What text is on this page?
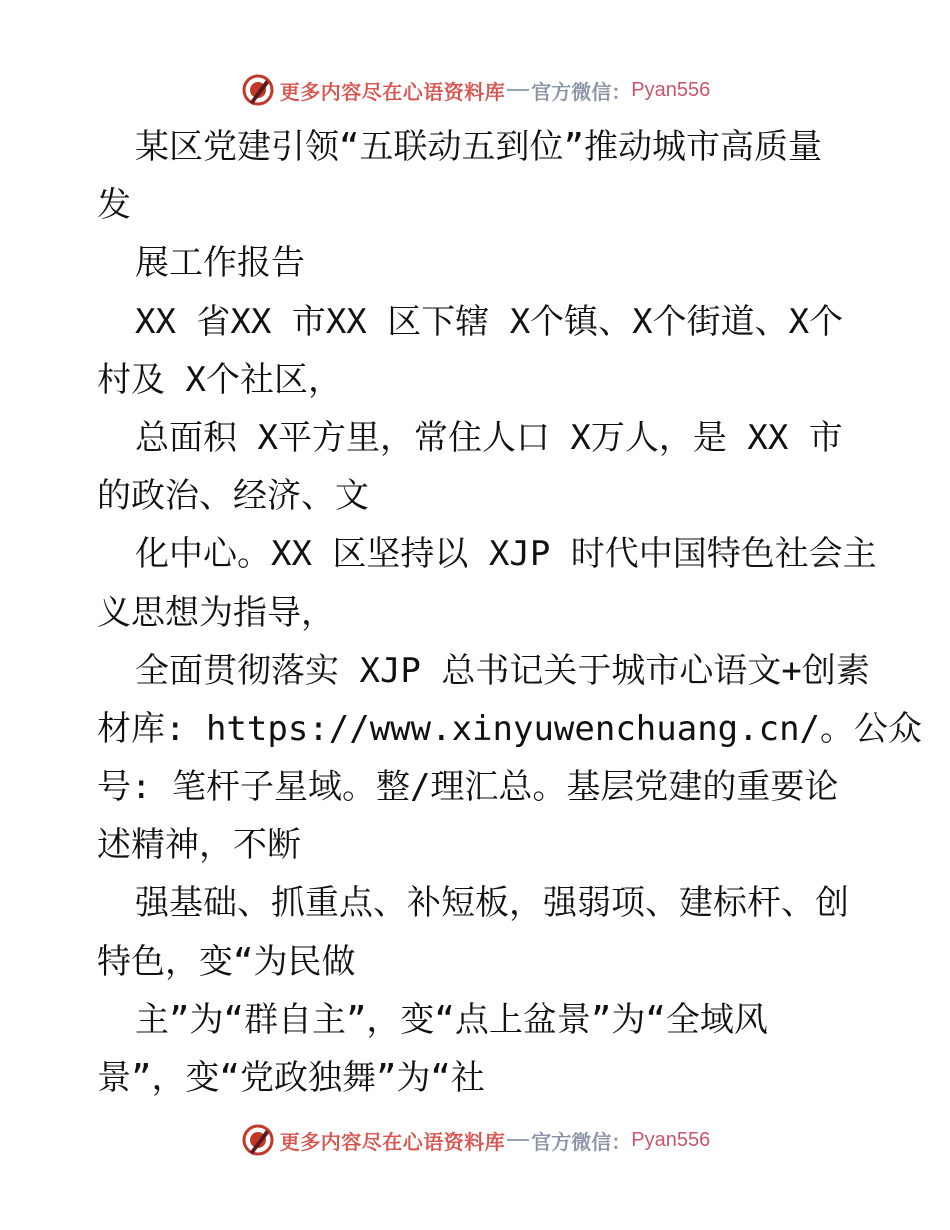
更多内容尽在心语资料库 官方微信： Pyan556
某区党建引领“五联动五到位”推动城市高质量
发
展工作报告
XX 省XX 市XX 区下辖 X个镇、X个街道、X个
村及 X个社区，
总面积 X平方里，常住人口 X万人，是 XX 市
的政治、经济、文
化中心。XX 区坚持以 XJP 时代中国特色社会主
义思想为指导，
全面贯彻落实 XJP 总书记关于城市心语文+创素
材库: https://www.xinyuwenchuang.cn/。公众
号: 笔杆子星域。整/理汇总。基层党建的重要论
述精神，不断
强基础、抓重点、补短板，强弱项、建标杆、创
特色，变“为民做
主”为“群自主”，变“点上盆景”为“全域风
景”，变“党政独舞”为“社
更多内容尽在心语资料库 官方微信： Pyan556
